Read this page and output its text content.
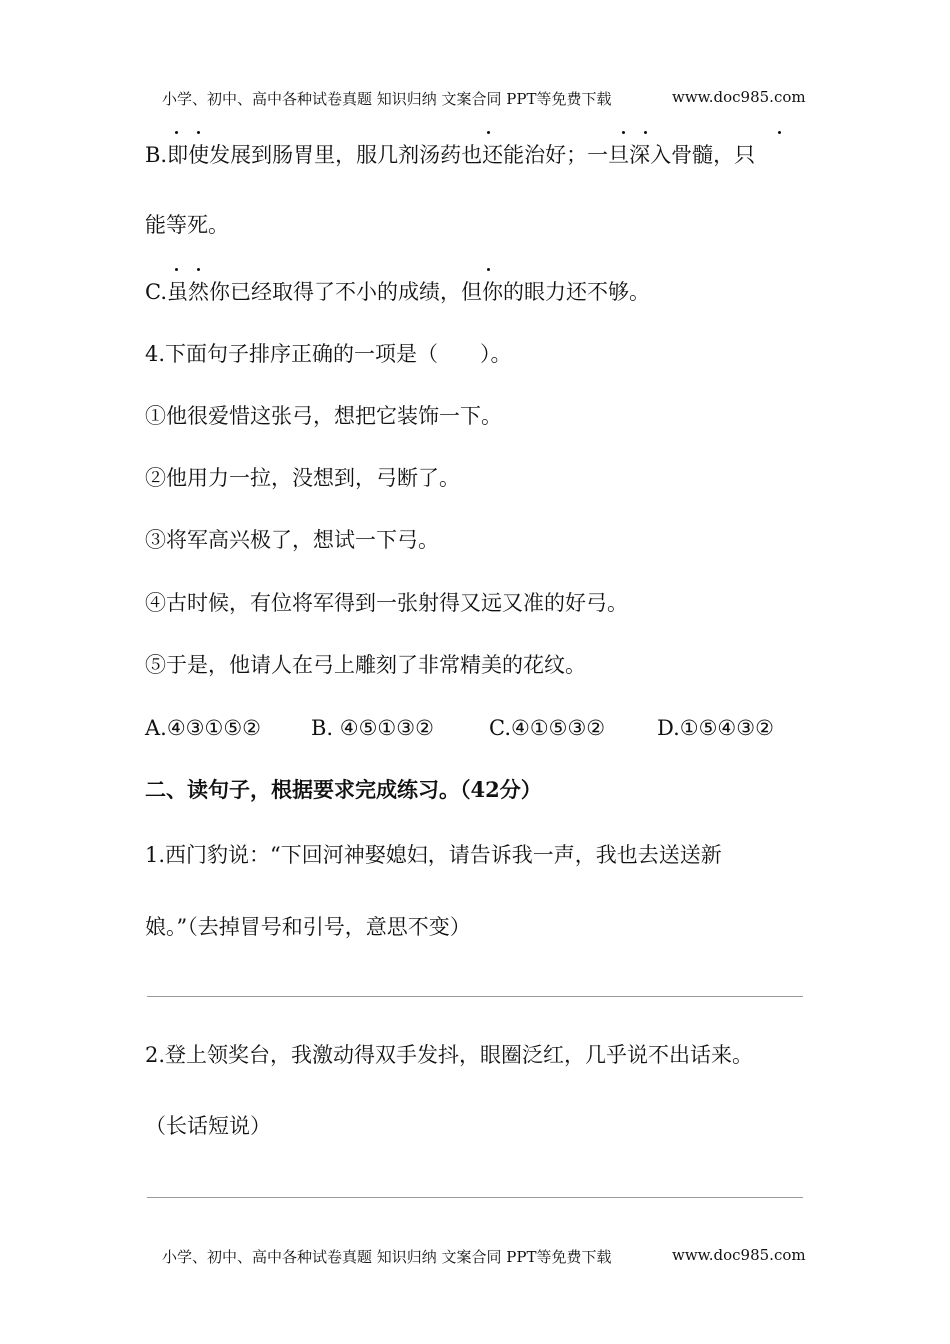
小学、初中、高中各种试卷真题 知识归纳 文案合同 PPT等免费下载	www.doc985.com
B.即使发展到肠胃里，服几剂汤药也还能治好；一旦深入骨髓，只
能等死。
C.虽然你已经取得了不小的成绩，但你的眼力还不够。
4.下面句子排序正确的一项是（　　）。
①他很爱惜这张弓，想把它装饰一下。
②他用力一拉，没想到，弓断了。
③将军高兴极了，想试一下弓。
④古时候，有位将军得到一张射得又远又准的好弓。
⑤于是，他请人在弓上雕刻了非常精美的花纹。
A.④③①⑤② B. ④⑤①③②	C.④①⑤③② D.①⑤④③②
二、读句子，根据要求完成练习。（42分）
1.西门豹说：“下回河神娶媳妇，请告诉我一声，我也去送送新
娘。”（去掉冒号和引号，意思不变）
2.登上领奖台，我激动得双手发抖，眼圈泛红，几乎说不出话来。
（长话短说）
小学、初中、高中各种试卷真题 知识归纳 文案合同 PPT等免费下载	www.doc985.com
